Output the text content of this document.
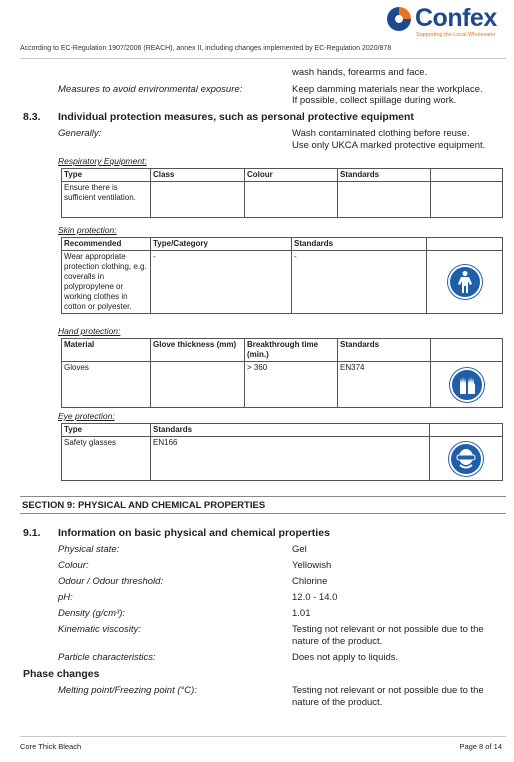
Confex
Supporting the Local Wholesaler
According to EC-Regulation 1907/2006 (REACH), annex II, including changes implemented by EC-Regulation 2020/878
wash hands, forearms and face.
Measures to avoid environmental exposure:	Keep damming materials near the workplace.
If possible, collect spillage during work.
8.3. Individual protection measures, such as personal protective equipment
Generally:	Wash contaminated clothing before reuse.
Use only UKCA marked protective equipment.
Respiratory Equipment:
Type	Class	Colour	Standards	
Ensure there is sufficient ventilation.				
Skin protection:
Recommended	Type/Category	Standards	
Wear appropriate protection clothing, e.g. coveralls in polypropylene or working clothes in cotton or polyester.	-	-	
Hand protection:
Material	Glove thickness (mm)	Breakthrough time (min.)	Standards	
Gloves		> 360	EN374	
Eye protection:
Type	Standards	
Safety glasses	EN166	
SECTION 9: PHYSICAL AND CHEMICAL PROPERTIES
9.1. Information on basic physical and chemical properties
Physical state:	Gel
Colour:	Yellowish
Odour / Odour threshold:	Chlorine
pH:	12.0 - 14.0
Density (g/cm³):	1.01
Kinematic viscosity:	Testing not relevant or not possible due to the nature of the product.
Particle characteristics:	Does not apply to liquids.
Phase changes
Melting point/Freezing point (°C):	Testing not relevant or not possible due to the nature of the product.
Core Thick Bleach	Page 8 of 14
